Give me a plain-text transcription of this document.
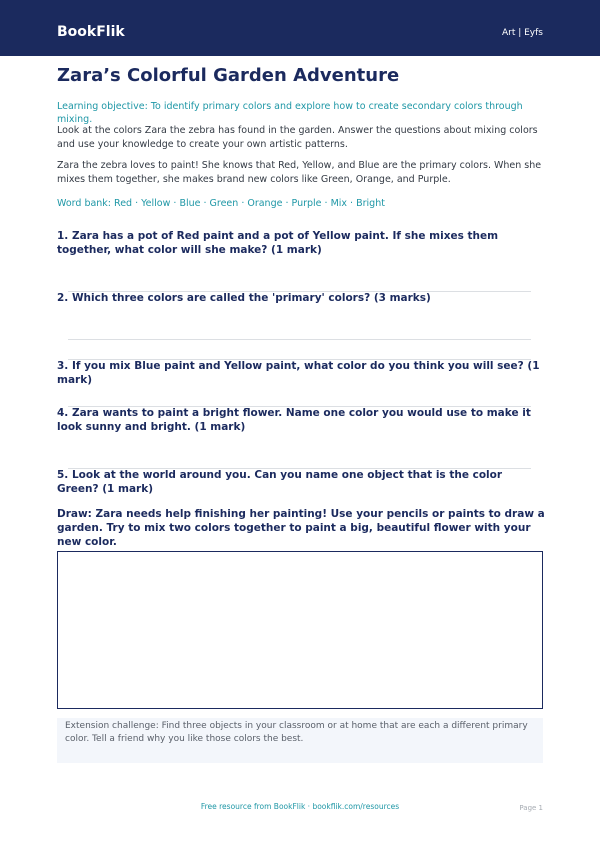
BookFlik	Art | Eyfs
Zara’s Colorful Garden Adventure

Learning objective: To identify primary colors and explore how to create secondary colors through mixing.

Look at the colors Zara the zebra has found in the garden. Answer the questions about mixing colors and use your knowledge to create your own artistic patterns.

Zara the zebra loves to paint! She knows that Red, Yellow, and Blue are the primary colors. When she mixes them together, she makes brand new colors like Green, Orange, and Purple.

Word bank: Red · Yellow · Blue · Green · Orange · Purple · Mix · Bright

1. Zara has a pot of Red paint and a pot of Yellow paint. If she mixes them together, what color will she make? (1 mark)

2. Which three colors are called the 'primary' colors? (3 marks)

3. If you mix Blue paint and Yellow paint, what color do you think you will see? (1 mark)

4. Zara wants to paint a bright flower. Name one color you would use to make it look sunny and bright. (1 mark)

5. Look at the world around you. Can you name one object that is the color Green? (1 mark)

Draw: Zara needs help finishing her painting! Use your pencils or paints to draw a garden. Try to mix two colors together to paint a big, beautiful flower with your new color.

Extension challenge: Find three objects in your classroom or at home that are each a different primary color. Tell a friend why you like those colors the best.
Free resource from BookFlik · bookflik.com/resources	Page 1
